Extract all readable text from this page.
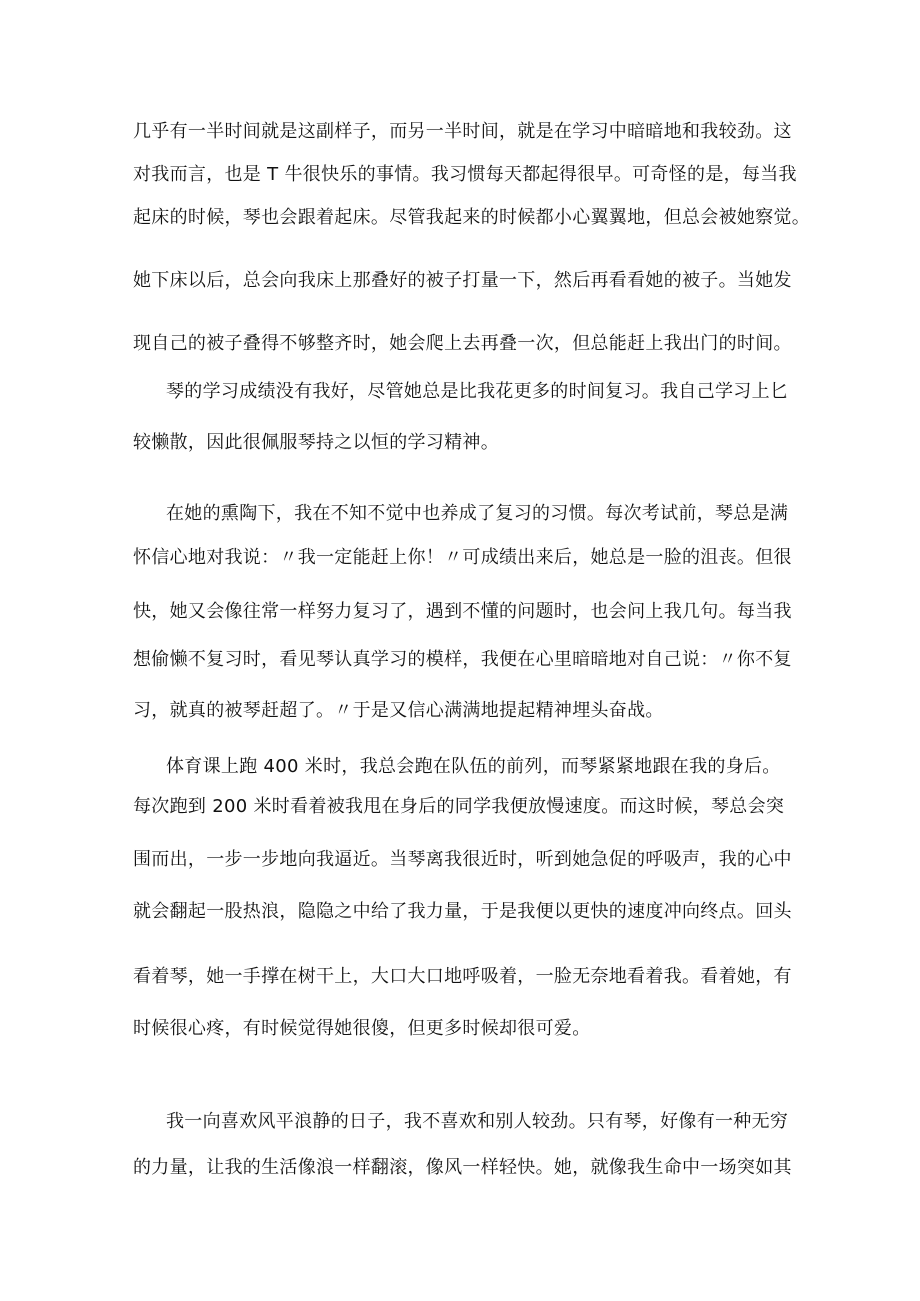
几乎有一半时间就是这副样子，而另一半时间，就是在学习中暗暗地和我较劲。这
对我而言，也是 T 牛很快乐的事情。我习惯每天都起得很早。可奇怪的是，每当我
起床的时候，琴也会跟着起床。尽管我起来的时候都小心翼翼地，但总会被她察觉。
她下床以后，总会向我床上那叠好的被子打量一下，然后再看看她的被子。当她发
现自己的被子叠得不够整齐时，她会爬上去再叠一次，但总能赶上我出门的时间。
琴的学习成绩没有我好，尽管她总是比我花更多的时间复习。我自己学习上匕
较懒散，因此很佩服琴持之以恒的学习精神。
在她的熏陶下，我在不知不觉中也养成了复习的习惯。每次考试前，琴总是满
怀信心地对我说：〃我一定能赶上你！〃可成绩出来后，她总是一脸的沮丧。但很
快，她又会像往常一样努力复习了，遇到不懂的问题时，也会问上我几句。每当我
想偷懒不复习时，看见琴认真学习的模样，我便在心里暗暗地对自己说：〃你不复
习，就真的被琴赶超了。〃于是又信心满满地提起精神埋头奋战。
体育课上跑 400 米时，我总会跑在队伍的前列，而琴紧紧地跟在我的身后。
每次跑到 200 米时看着被我甩在身后的同学我便放慢速度。而这时候，琴总会突
围而出，一步一步地向我逼近。当琴离我很近时，听到她急促的呼吸声，我的心中
就会翻起一股热浪，隐隐之中给了我力量，于是我便以更快的速度冲向终点。回头
看着琴，她一手撑在树干上，大口大口地呼吸着，一脸无奈地看着我。看着她，有
时候很心疼，有时候觉得她很傻，但更多时候却很可爱。
我一向喜欢风平浪静的日子，我不喜欢和别人较劲。只有琴，好像有一种无穷
的力量，让我的生活像浪一样翻滚，像风一样轻快。她，就像我生命中一场突如其
